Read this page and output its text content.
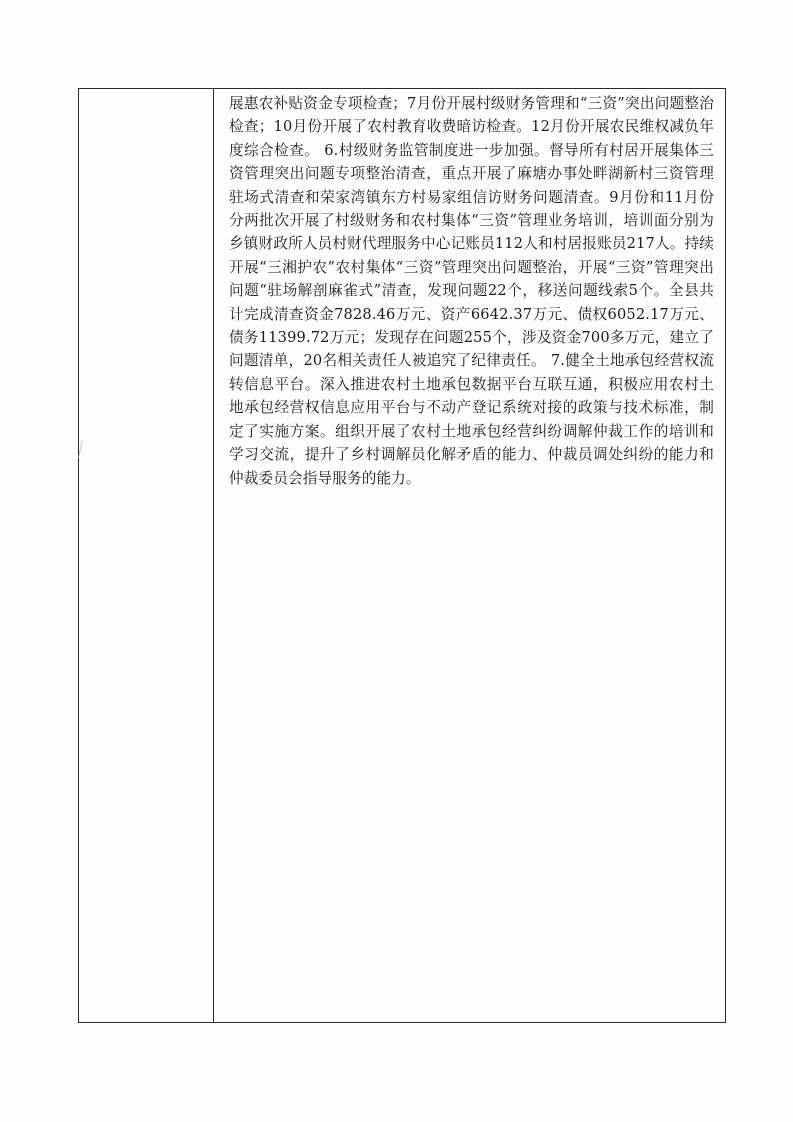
展惠农补贴资金专项检查；7月份开展村级财务管理和“三资”突出问题整治检查；10月份开展了农村教育收费暗访检查。12月份开展农民维权减负年度综合检查。 6.村级财务监管制度进一步加强。督导所有村居开展集体三资管理突出问题专项整治清查，重点开展了麻塘办事处畔湖新村三资管理驻场式清查和荣家湾镇东方村易家组信访财务问题清查。9月份和11月份分两批次开展了村级财务和农村集体“三资”管理业务培训，培训面分别为乡镇财政所人员村财代理服务中心记账员112人和村居报账员217人。持续开展“三湘护农”农村集体“三资”管理突出问题整治，开展“三资”管理突出问题“驻场解剖麻雀式”清查，发现问题22个，移送问题线索5个。全县共计完成清查资金7828.46万元、资产6642.37万元、债权6052.17万元、债务11399.72万元；发现存在问题255个，涉及资金700多万元，建立了问题清单，20名相关责任人被追究了纪律责任。 7.健全土地承包经营权流转信息平台。深入推进农村土地承包数据平台互联互通，积极应用农村土地承包经营权信息应用平台与不动产登记系统对接的政策与技术标准，制定了实施方案。组织开展了农村土地承包经营纠纷调解仲裁工作的培训和学习交流，提升了乡村调解员化解矛盾的能力、仲裁员调处纠纷的能力和仲裁委员会指导服务的能力。
